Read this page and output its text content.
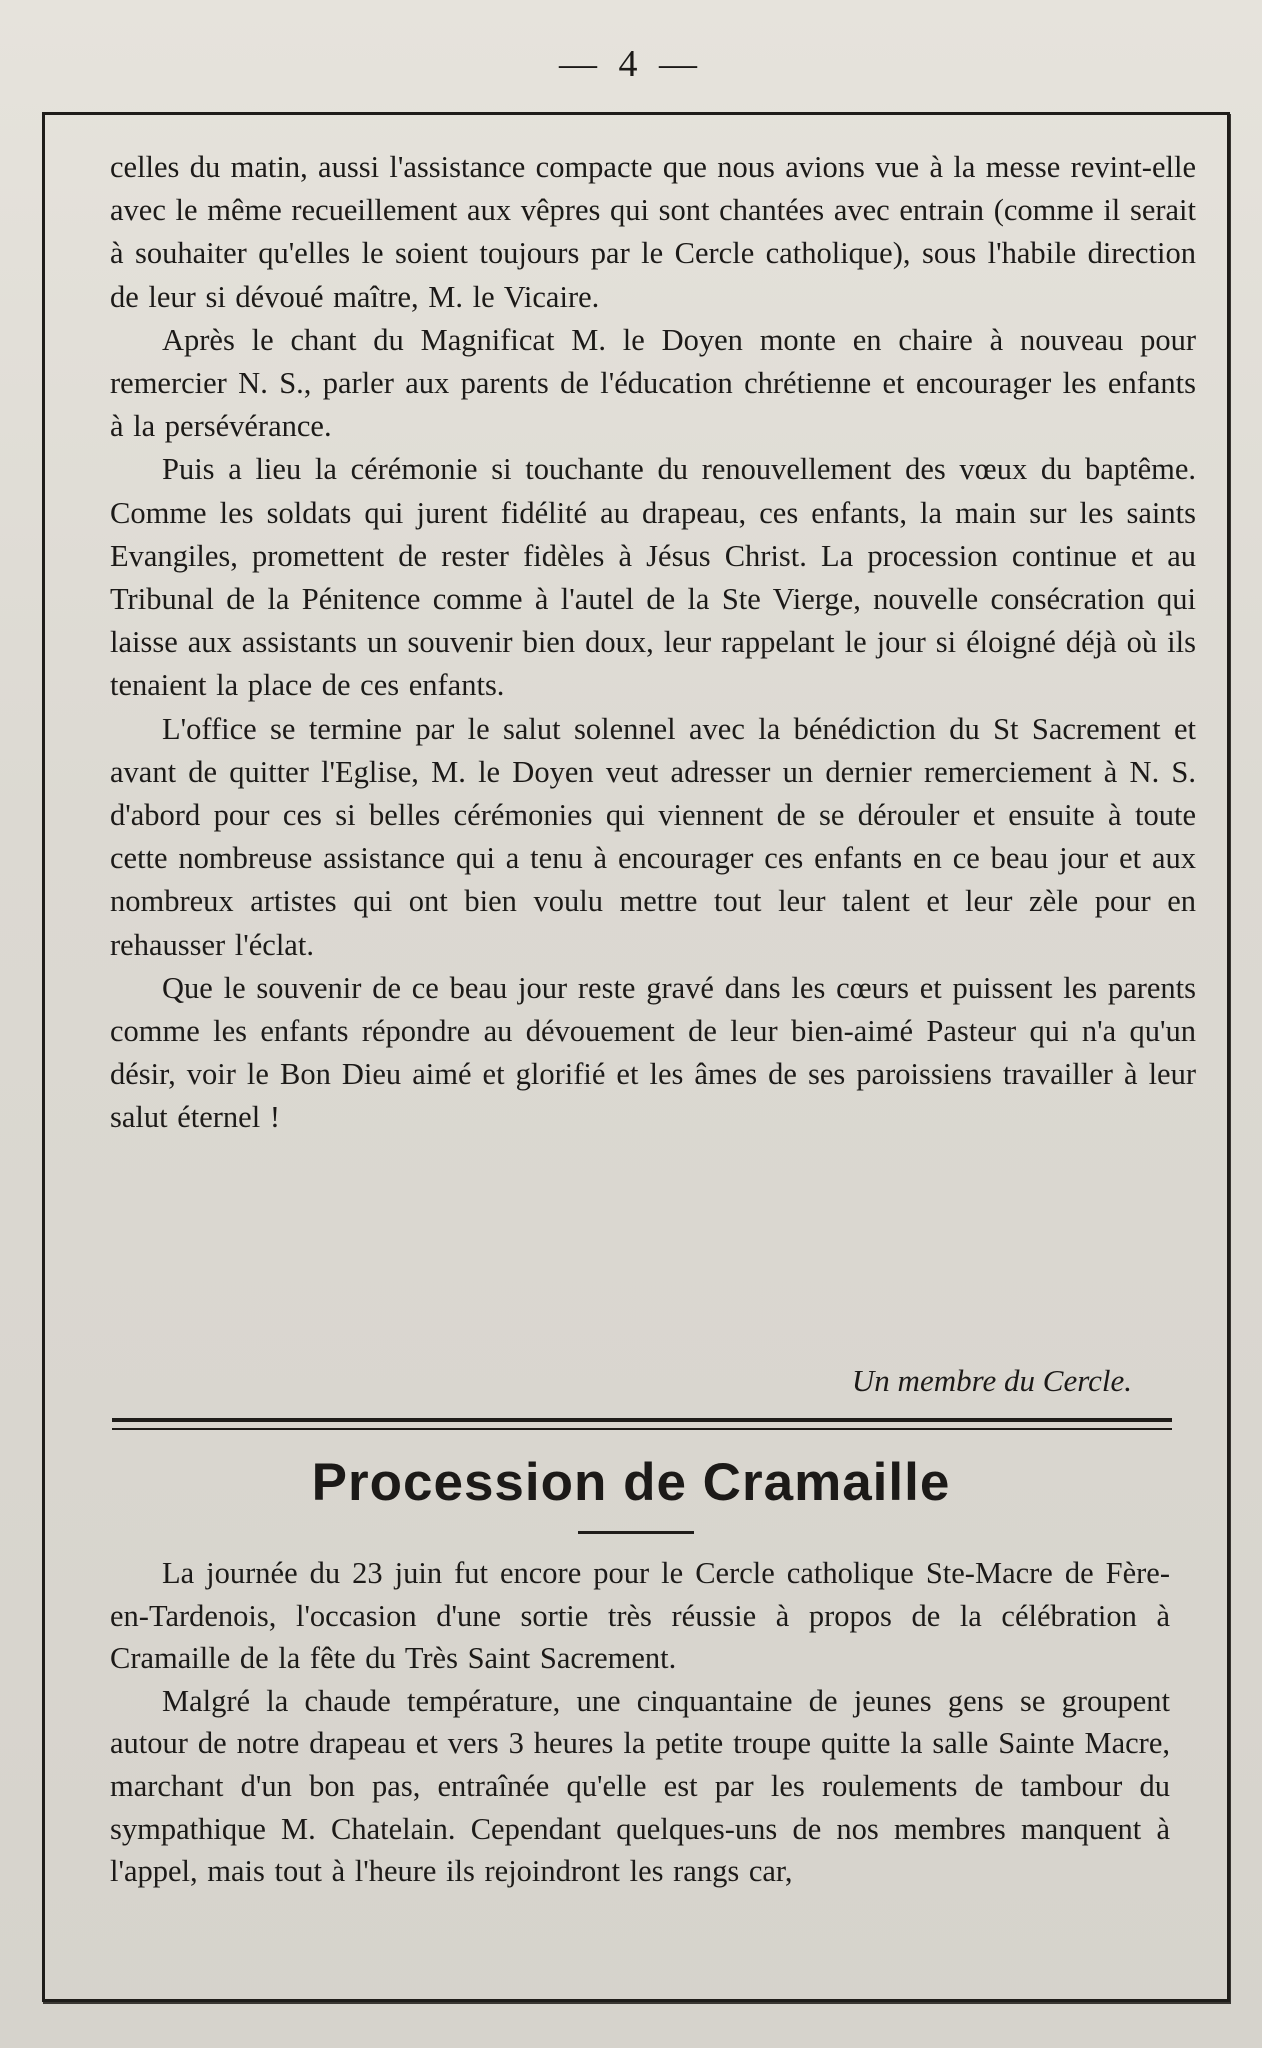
— 4 —

celles du matin, aussi l'assistance compacte que nous avions vue à la messe revint-elle avec le même recueillement aux vêpres qui sont chantées avec entrain (comme il serait à souhaiter qu'elles le soient toujours par le Cercle catholique), sous l'habile direction de leur si dévoué maître, M. le Vicaire.

Après le chant du Magnificat M. le Doyen monte en chaire à nouveau pour remercier N. S., parler aux parents de l'éducation chrétienne et encourager les enfants à la persévérance.

Puis a lieu la cérémonie si touchante du renouvellement des vœux du baptême. Comme les soldats qui jurent fidélité au drapeau, ces enfants, la main sur les saints Evangiles, promettent de rester fidèles à Jésus Christ. La procession continue et au Tribunal de la Pénitence comme à l'autel de la Ste Vierge, nouvelle consécration qui laisse aux assistants un souvenir bien doux, leur rappelant le jour si éloigné déjà où ils tenaient la place de ces enfants.

L'office se termine par le salut solennel avec la bénédiction du St Sacrement et avant de quitter l'Eglise, M. le Doyen veut adresser un dernier remerciement à N. S. d'abord pour ces si belles cérémonies qui viennent de se dérouler et ensuite à toute cette nombreuse assistance qui a tenu à encourager ces enfants en ce beau jour et aux nombreux artistes qui ont bien voulu mettre tout leur talent et leur zèle pour en rehausser l'éclat.

Que le souvenir de ce beau jour reste gravé dans les cœurs et puissent les parents comme les enfants répondre au dévouement de leur bien-aimé Pasteur qui n'a qu'un désir, voir le Bon Dieu aimé et glorifié et les âmes de ses paroissiens travailler à leur salut éternel !

Un membre du Cercle.
Procession de Cramaille

La journée du 23 juin fut encore pour le Cercle catholique Ste-Macre de Fère-en-Tardenois, l'occasion d'une sortie très réussie à propos de la célébration à Cramaille de la fête du Très Saint Sacrement.

Malgré la chaude température, une cinquantaine de jeunes gens se groupent autour de notre drapeau et vers 3 heures la petite troupe quitte la salle Sainte Macre, marchant d'un bon pas, entraînée qu'elle est par les roulements de tambour du sympathique M. Chatelain. Cependant quelques-uns de nos membres manquent à l'appel, mais tout à l'heure ils rejoindront les rangs car,
